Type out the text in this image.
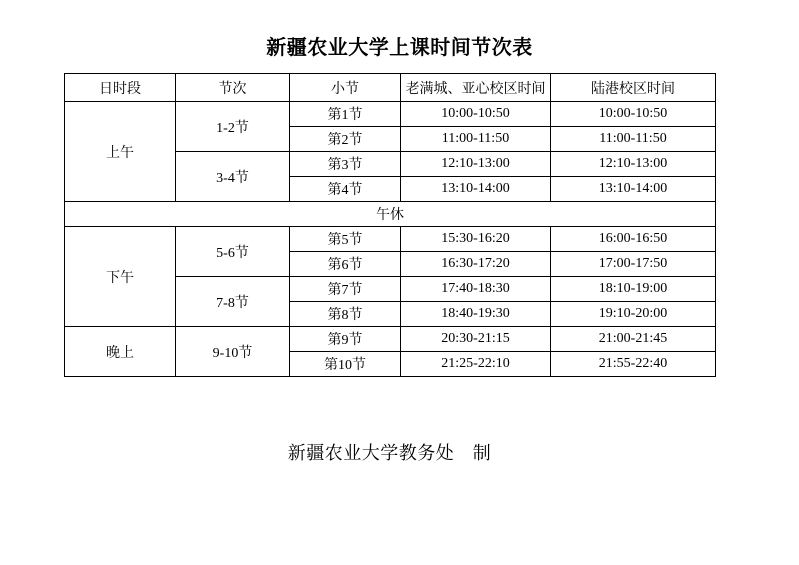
新疆农业大学上课时间节次表
日时段	节次	小节	老满城、亚心校区时间	陆港校区时间
上午	1-2节	第1节	10:00-10:50	10:00-10:50
		第2节	11:00-11:50	11:00-11:50
	3-4节	第3节	12:10-13:00	12:10-13:00
		第4节	13:10-14:00	13:10-14:00
午休				
下午	5-6节	第5节	15:30-16:20	16:00-16:50
		第6节	16:30-17:20	17:00-17:50
	7-8节	第7节	17:40-18:30	18:10-19:00
		第8节	18:40-19:30	19:10-20:00
晚上	9-10节	第9节	20:30-21:15	21:00-21:45
		第10节	21:25-22:10	21:55-22:40
新疆农业大学教务处　制
